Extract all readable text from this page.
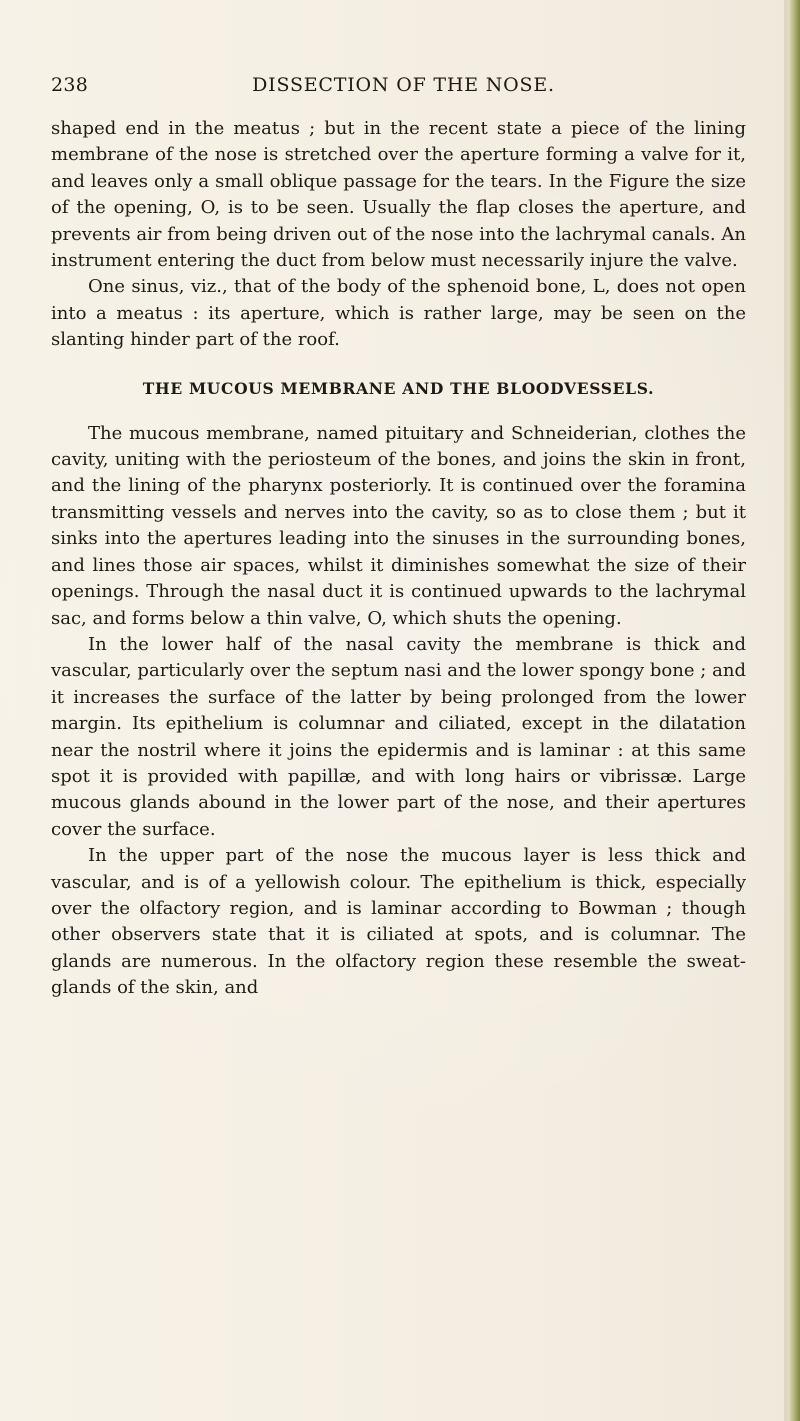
238	DISSECTION OF THE NOSE.

shaped end in the meatus ; but in the recent state a piece of the lining membrane of the nose is stretched over the aperture forming a valve for it, and leaves only a small oblique passage for the tears. In the Figure the size of the opening, O, is to be seen. Usually the flap closes the aperture, and prevents air from being driven out of the nose into the lachrymal canals. An instrument entering the duct from below must necessarily injure the valve.

One sinus, viz., that of the body of the sphenoid bone, L, does not open into a meatus : its aperture, which is rather large, may be seen on the slanting hinder part of the roof.

THE MUCOUS MEMBRANE AND THE BLOODVESSELS.

The mucous membrane, named pituitary and Schneiderian, clothes the cavity, uniting with the periosteum of the bones, and joins the skin in front, and the lining of the pharynx posteriorly. It is continued over the foramina transmitting vessels and nerves into the cavity, so as to close them ; but it sinks into the apertures leading into the sinuses in the surrounding bones, and lines those air spaces, whilst it diminishes somewhat the size of their openings. Through the nasal duct it is continued upwards to the lachrymal sac, and forms below a thin valve, O, which shuts the opening.

In the lower half of the nasal cavity the membrane is thick and vascular, particularly over the septum nasi and the lower spongy bone ; and it increases the surface of the latter by being prolonged from the lower margin. Its epithelium is columnar and ciliated, except in the dilatation near the nostril where it joins the epidermis and is laminar : at this same spot it is provided with papillæ, and with long hairs or vibrissæ. Large mucous glands abound in the lower part of the nose, and their apertures cover the surface.

In the upper part of the nose the mucous layer is less thick and vascular, and is of a yellowish colour. The epithelium is thick, especially over the olfactory region, and is laminar according to Bowman ; though other observers state that it is ciliated at spots, and is columnar. The glands are numerous. In the olfactory region these resemble the sweat-glands of the skin, and
